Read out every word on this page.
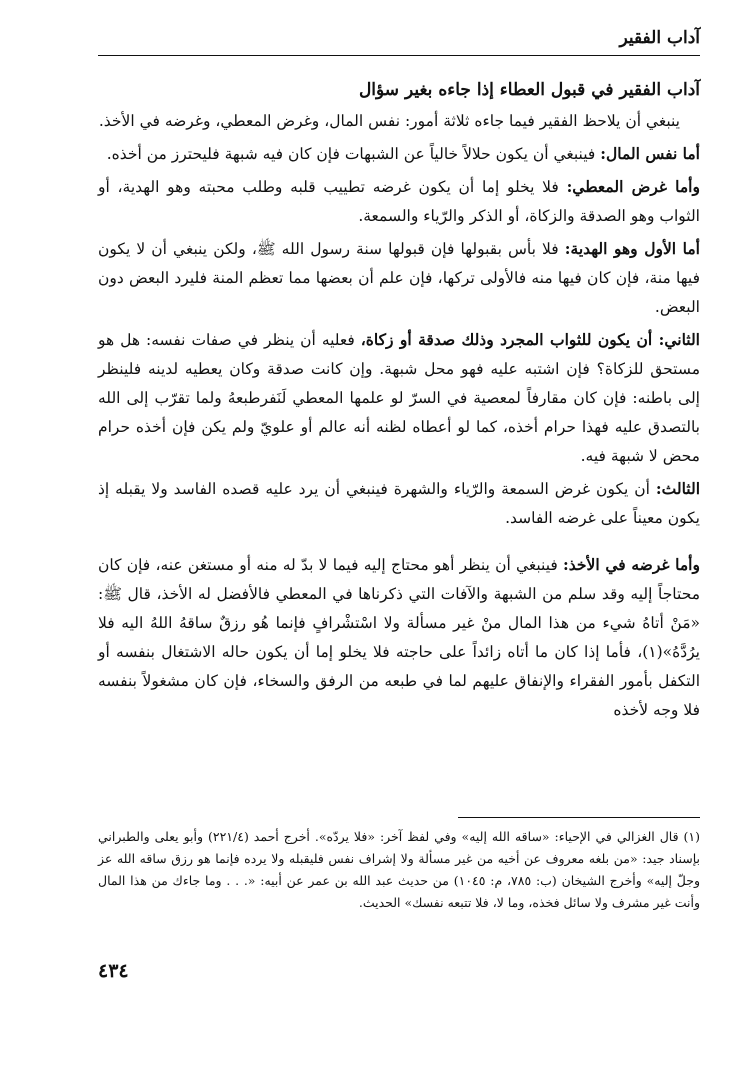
آداب الفقير

آداب الفقير في قبول العطاء إذا جاءه بغير سؤال

ينبغي أن يلاحظ الفقير فيما جاءه ثلاثة أمور: نفس المال، وغرض المعطي، وغرضه في الأخذ.

أما نفس المال: فينبغي أن يكون حلالاً خالياً عن الشبهات فإن كان فيه شبهة فليحترز من أخذه.

وأما غرض المعطي: فلا يخلو إما أن يكون غرضه تطييب قلبه وطلب محبته وهو الهدية، أو الثواب وهو الصدقة والزكاة، أو الذكر والرّياء والسمعة.

أما الأول وهو الهدية: فلا بأس بقبولها فإن قبولها سنة رسول الله ﷺ، ولكن ينبغي أن لا يكون فيها منة، فإن كان فيها منه فالأولى تركها، فإن علم أن بعضها مما تعظم المنة فليرد البعض دون البعض.

الثاني: أن يكون للثواب المجرد وذلك صدقة أو زكاة، فعليه أن ينظر في صفات نفسه: هل هو مستحق للزكاة؟ فإن اشتبه عليه فهو محل شبهة. وإن كانت صدقة وكان يعطيه لدينه فلينظر إلى باطنه: فإن كان مقارفاً لمعصية في السرّ لو علمها المعطي لَنَفرطبعهُ ولما تقرّب إلى الله بالتصدق عليه فهذا حرام أخذه، كما لو أعطاه لظنه أنه عالم أو علويّ ولم يكن فإن أخذه حرام محض لا شبهة فيه.

الثالث: أن يكون غرض السمعة والرّياء والشهرة فينبغي أن يرد عليه قصده الفاسد ولا يقبله إذ يكون معيناً على غرضه الفاسد.

وأما غرضه في الأخذ: فينبغي أن ينظر أهو محتاج إليه فيما لا بدّ له منه أو مستغن عنه، فإن كان محتاجاً إليه وقد سلم من الشبهة والآفات التي ذكرناها في المعطي فالأفضل له الأخذ، قال ﷺ: «مَنْ أتاهُ شيء من هذا المال منْ غير مسألة ولا اسْتشْرافٍ فإنما هُو رزقٌ ساقهُ اللهُ اليه فلا يرُدَّهُ»(١)، فأما إذا كان ما أتاه زائداً على حاجته فلا يخلو إما أن يكون حاله الاشتغال بنفسه أو التكفل بأمور الفقراء والإنفاق عليهم لما في طبعه من الرفق والسخاء، فإن كان مشغولاً بنفسه فلا وجه لأخذه

(١) قال الغزالي في الإحياء: «ساقه الله إليه» وفي لفظ آخر: «فلا يردّه». أخرج أحمد (٢٢١/٤) وأبو يعلى والطبراني بإسناد جيد: «من بلغه معروف عن أخيه من غير مسألة ولا إشراف نفس فليقبله ولا يرده فإنما هو رزق ساقه الله عز وجلّ إليه» وأخرج الشيخان (ب: ٧٨٥، م: ١٠٤٥) من حديث عبد الله بن عمر عن أبيه: «. . . وما جاءك من هذا المال وأنت غير مشرف ولا سائل فخذه، وما لا، فلا تتبعه نفسك» الحديث.
٤٣٤
